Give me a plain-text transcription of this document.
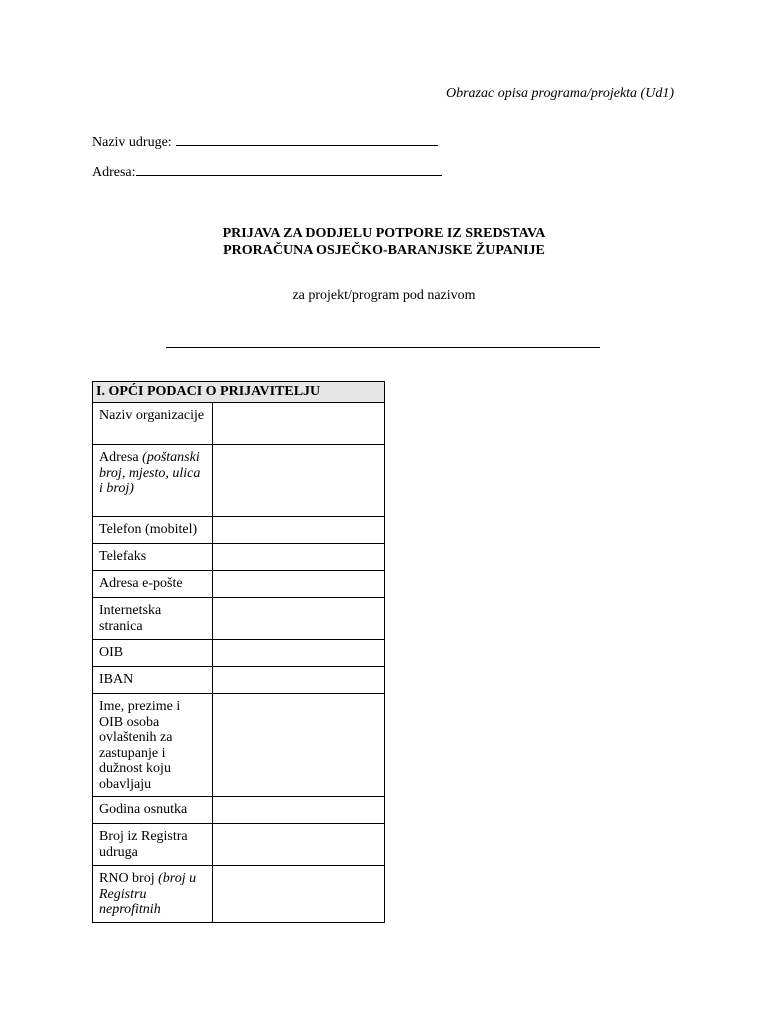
Obrazac opisa programa/projekta (Ud1)
Naziv udruge:
Adresa:
PRIJAVA ZA DODJELU POTPORE IZ SREDSTAVA
PRORAČUNA OSJEČKO-BARANJSKE ŽUPANIJE
za projekt/program pod nazivom
I. OPĆI PODACI O PRIJAVITELJU	
Naziv organizacije	
Adresa (poštanski broj, mjesto, ulica i broj)	
Telefon (mobitel)	
Telefaks	
Adresa e-pošte	
Internetska stranica	
OIB	
IBAN	
Ime, prezime i OIB osoba ovlaštenih za zastupanje i dužnost koju obavljaju	
Godina osnutka	
Broj iz Registra udruga	
RNO broj (broj u Registru neprofitnih	
